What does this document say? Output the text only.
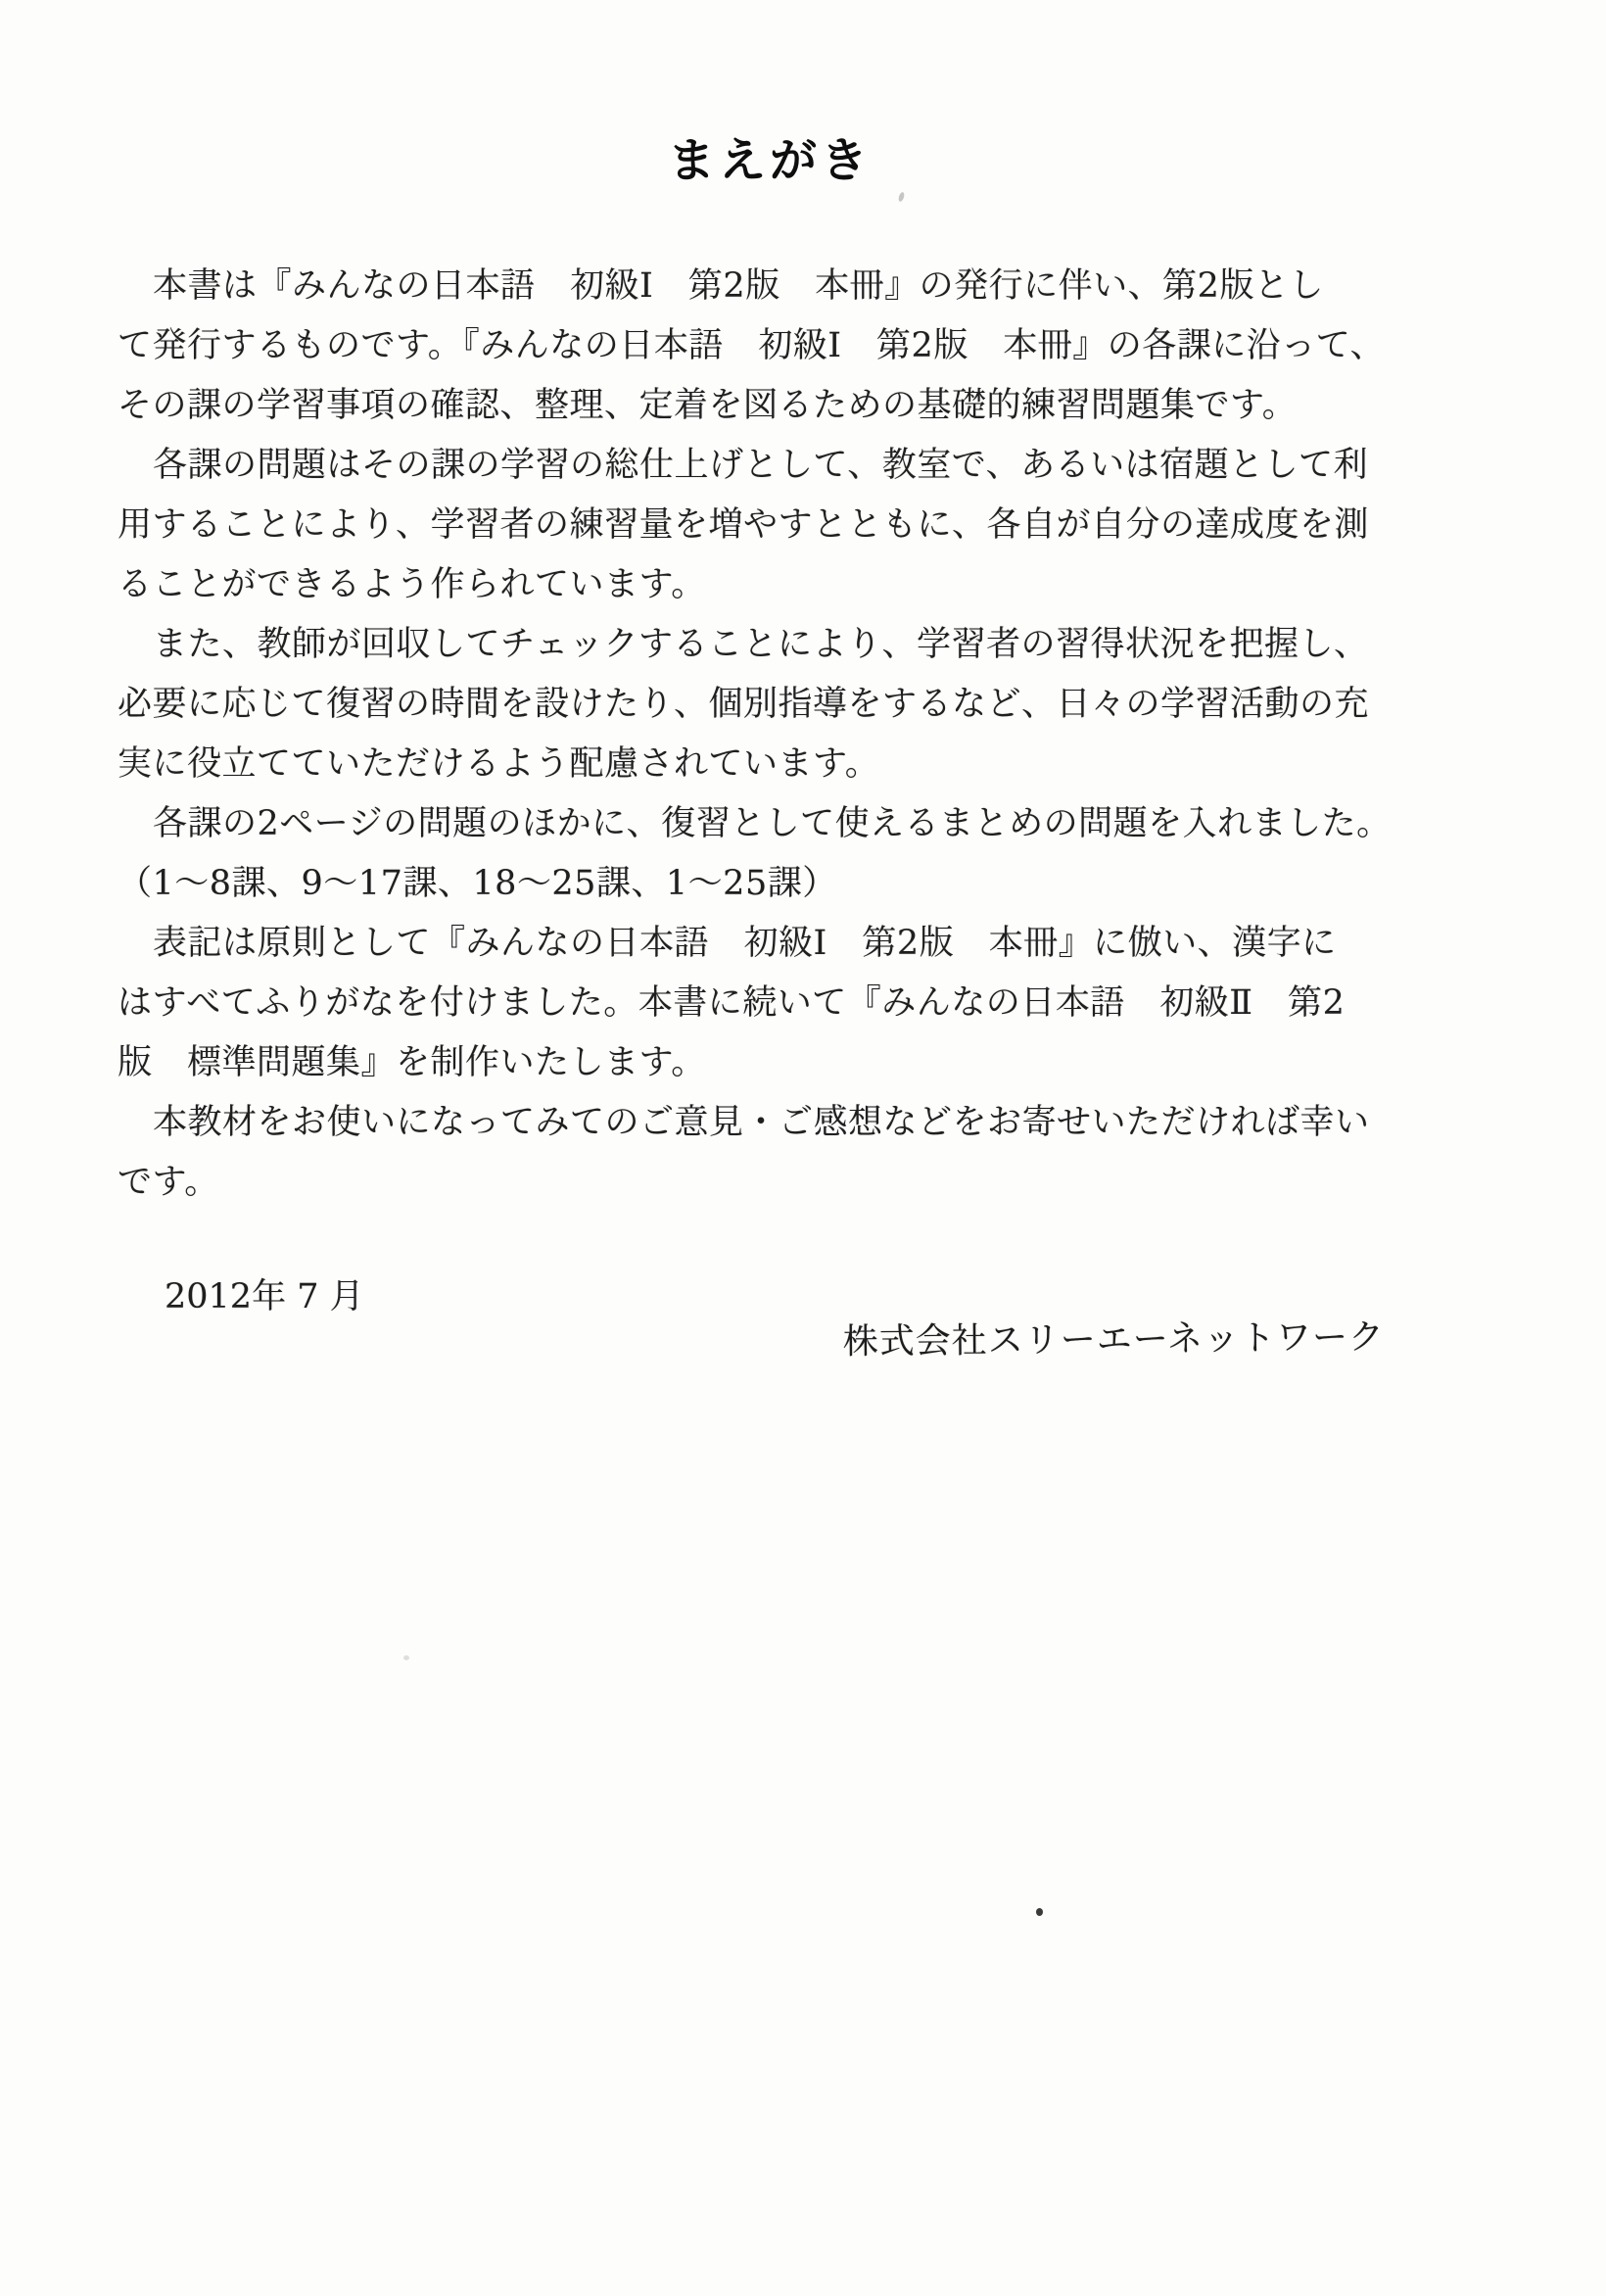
まえがき
本書は『みんなの日本語　初級Ⅰ　第2版　本冊』の発行に伴い、第2版とし
て発行するものです。『みんなの日本語　初級Ⅰ　第2版　本冊』の各課に沿って、
その課の学習事項の確認、整理、定着を図るための基礎的練習問題集です。
各課の問題はその課の学習の総仕上げとして、教室で、あるいは宿題として利
用することにより、学習者の練習量を増やすとともに、各自が自分の達成度を測
ることができるよう作られています。
また、教師が回収してチェックすることにより、学習者の習得状況を把握し、
必要に応じて復習の時間を設けたり、個別指導をするなど、日々の学習活動の充
実に役立てていただけるよう配慮されています。
各課の2ページの問題のほかに、復習として使えるまとめの問題を入れました。
（1～8課、9～17課、18～25課、1～25課）
表記は原則として『みんなの日本語　初級Ⅰ　第2版　本冊』に倣い、漢字に
はすべてふりがなを付けました。本書に続いて『みんなの日本語　初級Ⅱ　第2
版　標準問題集』を制作いたします。
本教材をお使いになってみてのご意見・ご感想などをお寄せいただければ幸い
です。
2012年 7 月
株式会社スリーエーネットワーク
